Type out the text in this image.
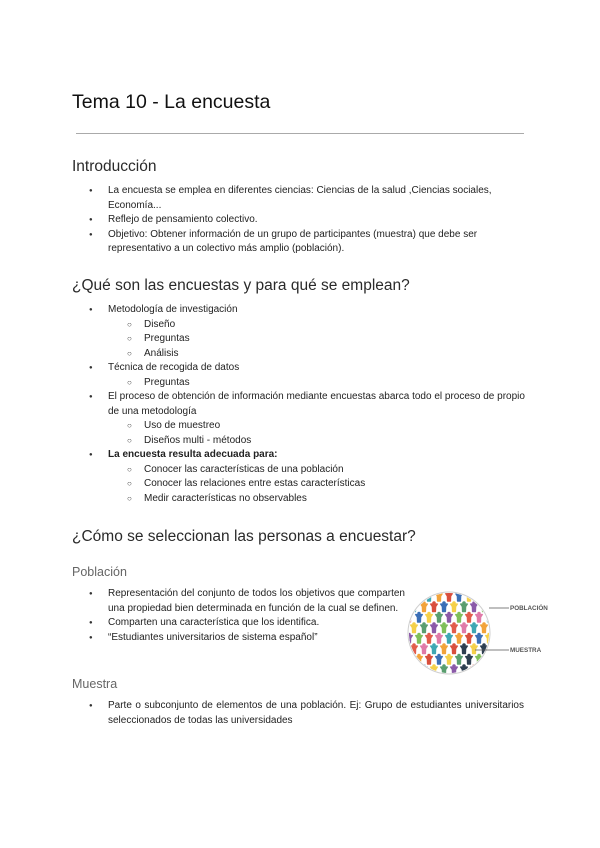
Tema 10 - La encuesta
Introducción
● La encuesta se emplea en diferentes ciencias: Ciencias de la salud ,Ciencias sociales, Economía...
● Reflejo de pensamiento colectivo.
● Objetivo: Obtener información de un grupo de participantes (muestra) que debe ser representativo a un colectivo más amplio (población).
¿Qué son las encuestas y para qué se emplean?
● Metodología de investigación
○ Diseño
○ Preguntas
○ Análisis
● Técnica de recogida de datos
○ Preguntas
● El proceso de obtención de información mediante encuestas abarca todo el proceso de propio de una metodología
○ Uso de muestreo
○ Diseños multi - métodos
● La encuesta resulta adecuada para:
○ Conocer las características de una población
○ Conocer las relaciones entre estas características
○ Medir características no observables
¿Cómo se seleccionan las personas a encuestar?
Población
● Representación del conjunto de todos los objetivos que comparten una propiedad bien determinada en función de la cual se definen.
● Comparten una característica que los identifica.
● “Estudiantes universitarios de sistema español”
Muestra
● Parte o subconjunto de elementos de una población. Ej: Grupo de estudiantes universitarios seleccionados de todas las universidades
POBLACIÓN
MUESTRA
